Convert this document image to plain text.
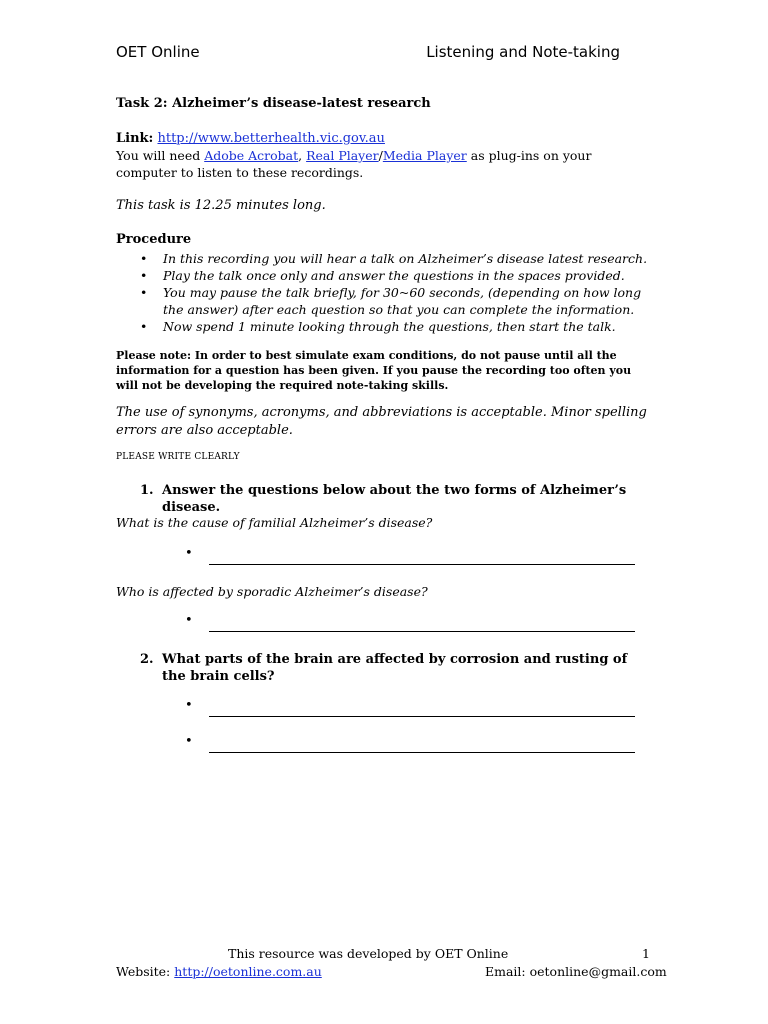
OET Online	Listening and Note-taking
Task 2: Alzheimer’s disease-latest research
Link: http://www.betterhealth.vic.gov.au
You will need Adobe Acrobat, Real Player/Media Player as plug-ins on your computer to listen to these recordings.
This task is 12.25 minutes long.
Procedure
• In this recording you will hear a talk on Alzheimer’s disease latest research.
• Play the talk once only and answer the questions in the spaces provided.
• You may pause the talk briefly, for 30~60 seconds, (depending on how long the answer) after each question so that you can complete the information.
• Now spend 1 minute looking through the questions, then start the talk.
Please note: In order to best simulate exam conditions, do not pause until all the information for a question has been given. If you pause the recording too often you will not be developing the required note-taking skills.
The use of synonyms, acronyms, and abbreviations is acceptable. Minor spelling errors are also acceptable.
PLEASE WRITE CLEARLY
1. Answer the questions below about the two forms of Alzheimer’s disease.
What is the cause of familial Alzheimer’s disease?
•
Who is affected by sporadic Alzheimer’s disease?
•
2. What parts of the brain are affected by corrosion and rusting of the brain cells?
•
•
This resource was developed by OET Online	1
Website: http://oetonline.com.au	Email: oetonline@gmail.com
